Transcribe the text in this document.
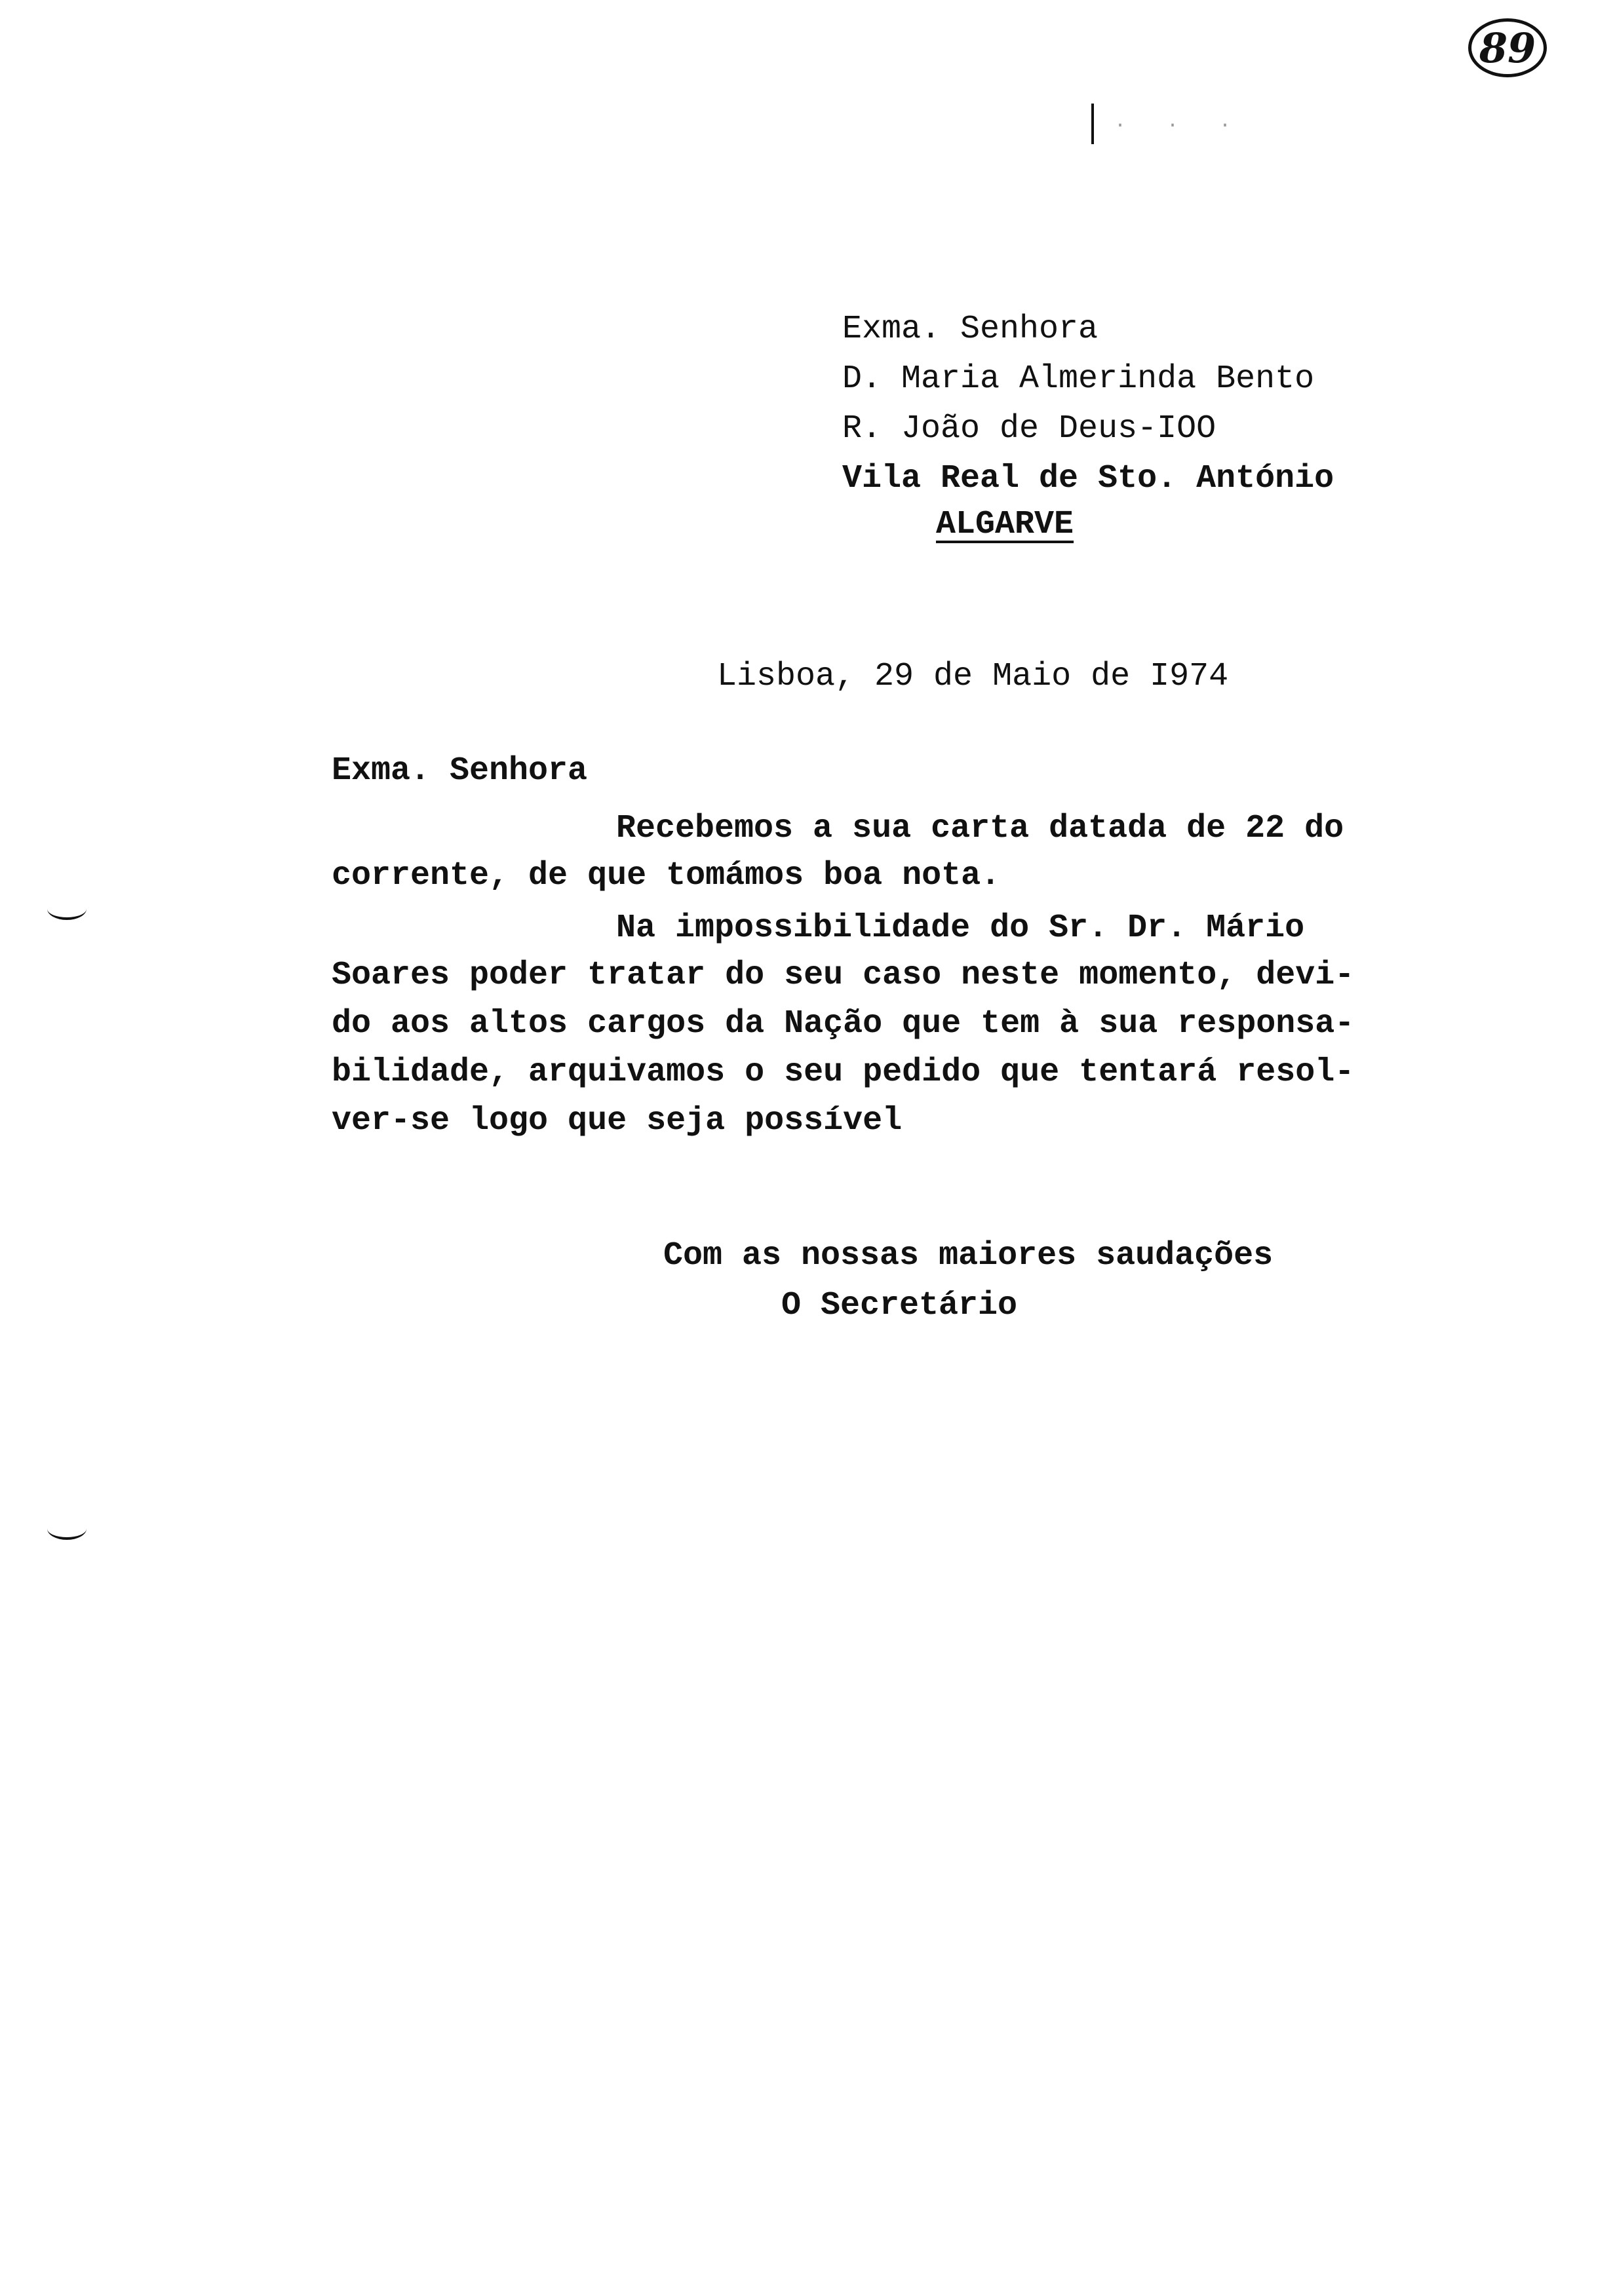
89
· · ·
Exma. Senhora
D. Maria Almerinda Bento
R. João de Deus-IOO
Vila Real de Sto. António
ALGARVE
Lisboa, 29 de Maio de I974
Exma. Senhora
Recebemos a sua carta datada de 22 do
corrente, de que tomámos boa nota.
Na impossibilidade do Sr. Dr. Mário
Soares poder tratar do seu caso neste momento, devi-
do aos altos cargos da Nação que tem à sua responsa-
bilidade, arquivamos o seu pedido que tentará resol-
ver-se logo que seja possível
Com as nossas maiores saudações
O Secretário
